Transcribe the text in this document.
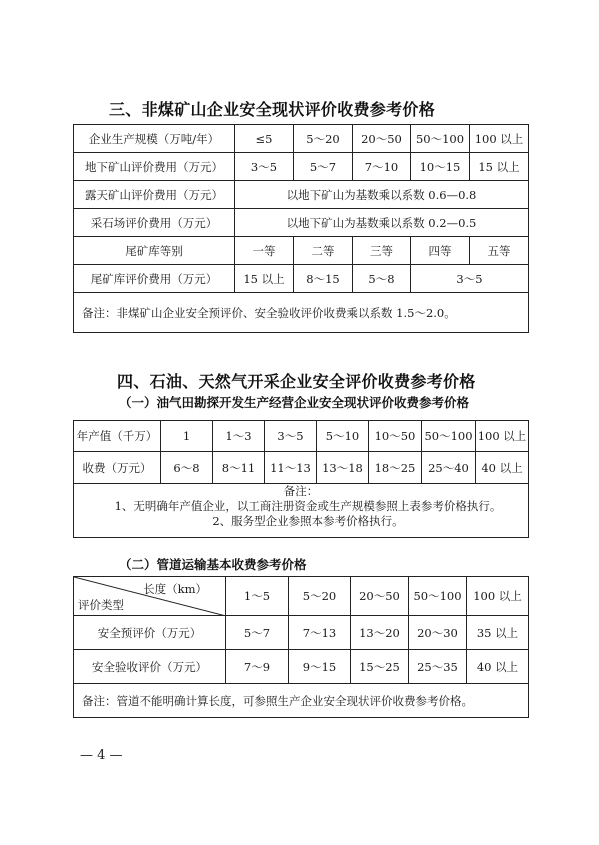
三、非煤矿山企业安全现状评价收费参考价格
企业生产规模（万吨/年）	≤5	5～20	20～50	50～100	100 以上
地下矿山评价费用（万元）	3～5	5～7	7～10	10～15	15 以上
露天矿山评价费用（万元）	以地下矿山为基数乘以系数 0.6—0.8				
采石场评价费用（万元）	以地下矿山为基数乘以系数 0.2—0.5				
尾矿库等别	一等	二等	三等	四等	五等
尾矿库评价费用（万元）	15 以上	8～15	5～8	3～5	
备注：非煤矿山企业安全预评价、安全验收评价收费乘以系数 1.5～2.0。					
四、石油、天然气开采企业安全评价收费参考价格
（一）油气田勘探开发生产经营企业安全现状评价收费参考价格
年产值（千万）	1	1～3	3～5	5～10	10～50	50～100	100 以上
收费（万元）	6～8	8～11	11～13	13～18	18～25	25～40	40 以上

备注：
1、无明确年产值企业，以工商注册资金或生产规模参照上表参考价格执行。
2、服务型企业参照本参考价格执行。							
（二）管道运输基本收费参考价格
长度（km）
评价类型	1～5	5～20	20～50	50～100	100 以上
安全预评价（万元）	5～7	7～13	13～20	20～30	35 以上
安全验收评价（万元）	7～9	9～15	15～25	25～35	40 以上
备注：管道不能明确计算长度，可参照生产企业安全现状评价收费参考价格。					
— 4 —
